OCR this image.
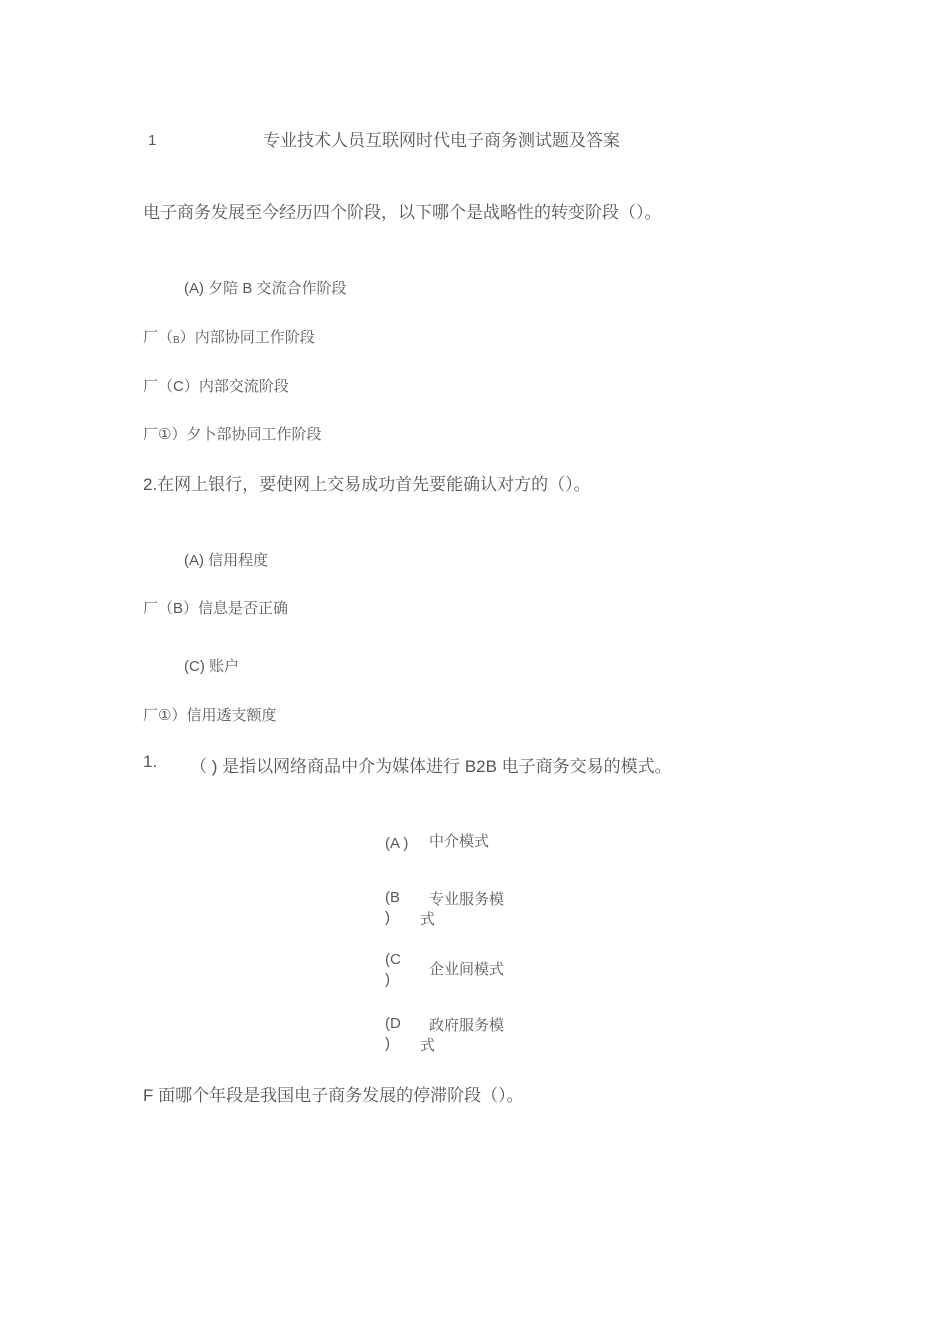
1	专业技术人员互联网时代电子商务测试题及答案
电子商务发展至今经历四个阶段，以下哪个是战略性的转变阶段（）。
(A) 夕陪 B 交流合作阶段
厂（B）内部协同工作阶段
厂（C）内部交流阶段
厂①）夕卜部协同工作阶段
2.在网上银行，要使网上交易成功首先要能确认对方的（）。
(A) 信用程度
厂（B）信息是否正确
(C) 账户
厂①）信用透支额度
1. （ ) 是指以网络商品中介为媒体进行 B2B 电子商务交易的模式。
(A ) 中介模式
(B )
专业服务模式
(C )
企业间模式
(D )
政府服务模式
F 面哪个年段是我国电子商务发展的停滞阶段（）。
